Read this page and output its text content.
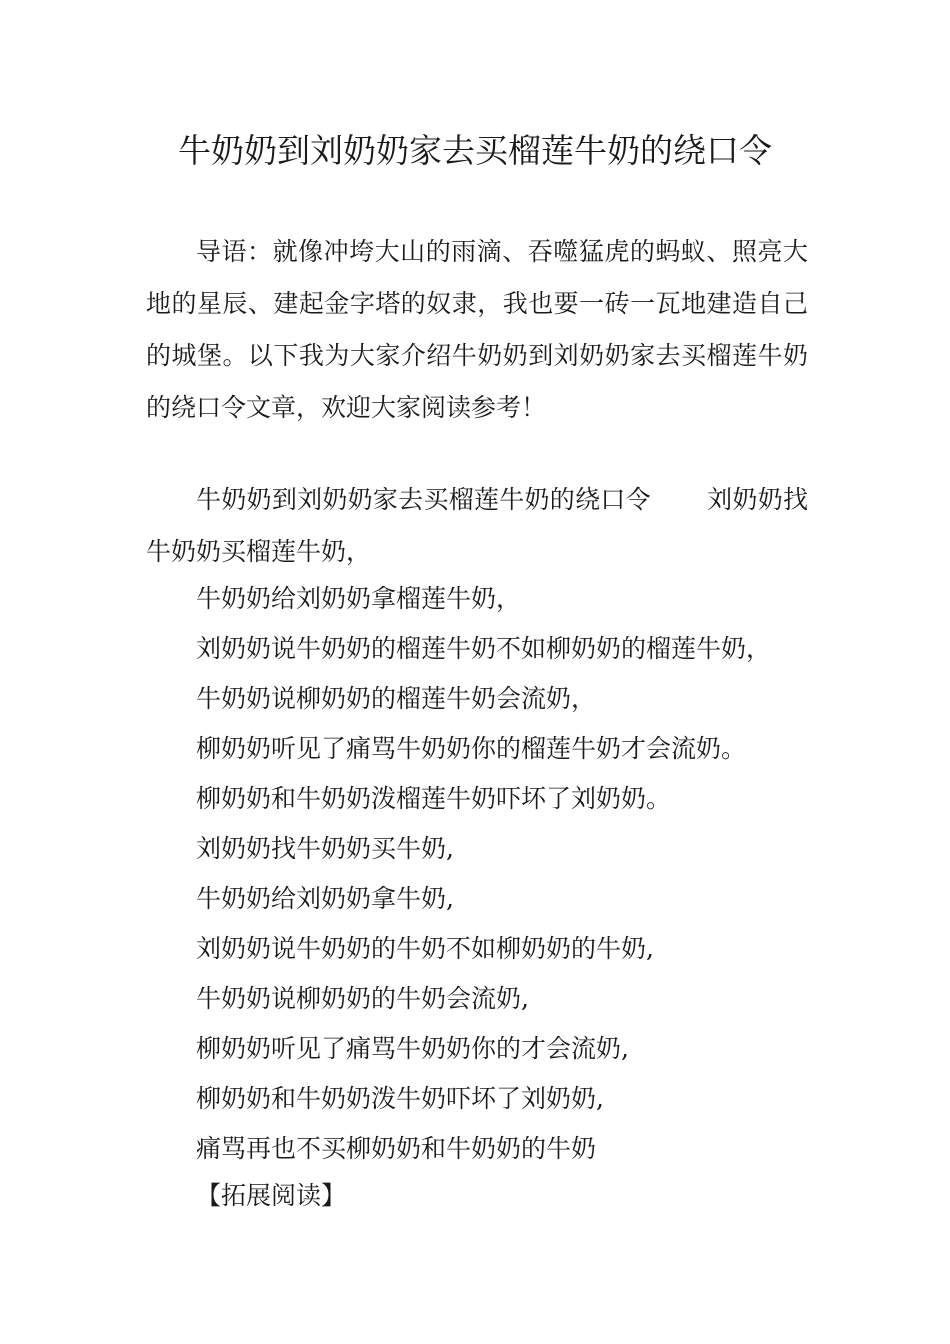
牛奶奶到刘奶奶家去买榴莲牛奶的绕口令

导语：就像冲垮大山的雨滴、吞噬猛虎的蚂蚁、照亮大地的星辰、建起金字塔的奴隶，我也要一砖一瓦地建造自己的城堡。以下我为大家介绍牛奶奶到刘奶奶家去买榴莲牛奶的绕口令文章，欢迎大家阅读参考！

牛奶奶到刘奶奶家去买榴莲牛奶的绕口令 刘奶奶找牛奶奶买榴莲牛奶，

牛奶奶给刘奶奶拿榴莲牛奶，
刘奶奶说牛奶奶的榴莲牛奶不如柳奶奶的榴莲牛奶，
牛奶奶说柳奶奶的榴莲牛奶会流奶，
柳奶奶听见了痛骂牛奶奶你的榴莲牛奶才会流奶。
柳奶奶和牛奶奶泼榴莲牛奶吓坏了刘奶奶。
刘奶奶找牛奶奶买牛奶,
牛奶奶给刘奶奶拿牛奶,
刘奶奶说牛奶奶的牛奶不如柳奶奶的牛奶,
牛奶奶说柳奶奶的牛奶会流奶,
柳奶奶听见了痛骂牛奶奶你的才会流奶,
柳奶奶和牛奶奶泼牛奶吓坏了刘奶奶,
痛骂再也不买柳奶奶和牛奶奶的牛奶

【拓展阅读】
